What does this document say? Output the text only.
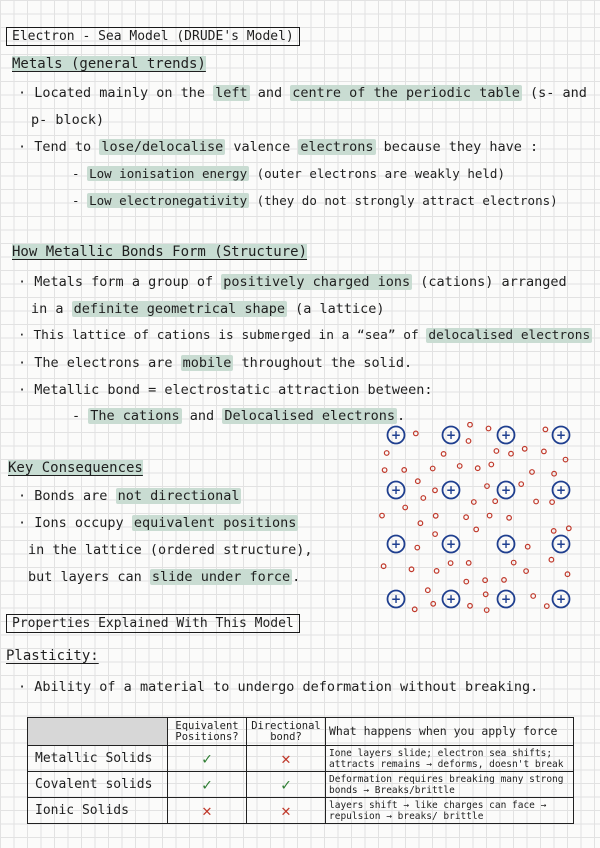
Electron - Sea Model (DRUDE's Model)
Metals (general trends)
· Located mainly on the left and centre of the periodic table (s- and
p- block)
· Tend to lose/delocalise valence electrons because they have :
- Low ionisation energy (outer electrons are weakly held)
- Low electronegativity (they do not strongly attract electrons)
How Metallic Bonds Form (Structure)
· Metals form a group of positively charged ions (cations) arranged
in a definite geometrical shape (a lattice)
· This lattice of cations is submerged in a “sea” of delocalised electrons
· The electrons are mobile throughout the solid.
· Metallic bond = electrostatic attraction between:
- The cations and Delocalised electrons .
Key Consequences
· Bonds are not directional
· Ions occupy equivalent positions
in the lattice (ordered structure),
but layers can slide under force .
+	+	+	+
+	+	+	+
+	+	+	+
+	+	+	+
Properties Explained With This Model
Plasticity:
· Ability of a material to undergo deformation without breaking.
	Equivalent Positions?	Directional bond?	What happens when you apply force
Metallic Solids	✓	✕	Ione layers slide; electron sea shifts; attracts remains → deforms, doesn't break
Covalent solids	✓	✓	Deformation requires breaking many strong bonds → Breaks/brittle
Ionic Solids	✕	✕	layers shift → like charges can face → repulsion → breaks/ brittle
